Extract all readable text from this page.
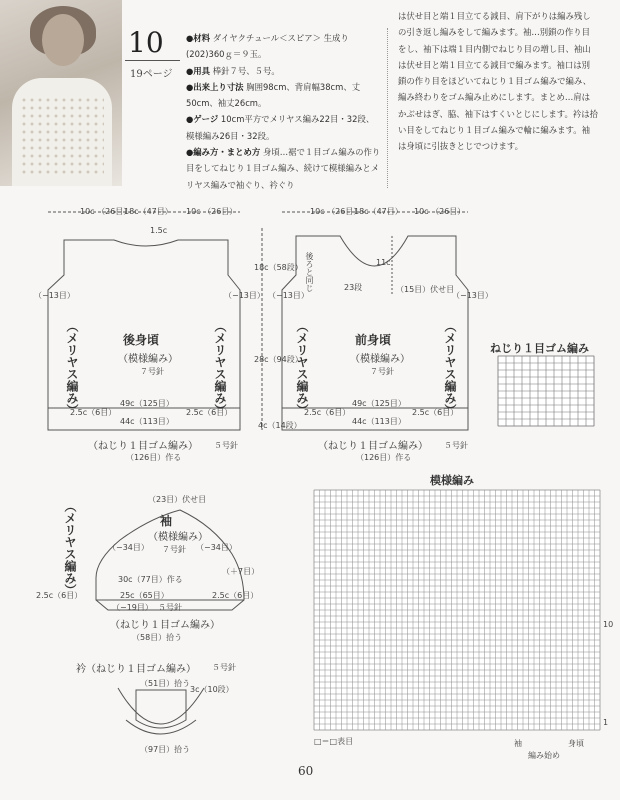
10
19ページ

●材料 ダイヤクチュール＜スピア＞ 生成り(202)360ｇ＝９玉。

●用具 棒針７号、５号。

●出来上り寸法 胸囲98cm、背肩幅38cm、丈50cm、袖丈26cm。

●ゲージ 10cm平方でメリヤス編み22目・32段、模様編み26目・32段。

●編み方・まとめ方 身頃…裾で１目ゴム編みの作り目をしてねじり１目ゴム編み、続けて模様編みとメリヤス編みで袖ぐり、衿ぐり

は伏せ目と端１目立てる減目、肩下がりは編み残しの引き返し編みをして編みます。袖…別鎖の作り目をし、袖下は端１目内側でねじり目の増し目、袖山は伏せ目と端１目立てる減目で編みます。袖口は別鎖の作り目をほどいてねじり１目ゴム編みで編み、編み終わりをゴム編み止めにします。まとめ…肩はかぶせはぎ、脇、袖下はすくいとじにします。衿は拾い目をしてねじり１目ゴム編みで輪に編みます。袖は身頃に引抜きとじでつけます。

後身頃
（模様編み）
７号針
（メリヤス編み）	（メリヤス編み）
（ねじり１目ゴム編み） ５号針
（126目）作る
18c（47目）
10c （26目）	10c （26目）
1.5c
49c（125目）
44c（113目）
（−13目）	（−13目）
2.5c（6目）	2.5c（6目）
18c（58段）
28c（94段）
4c（14段）
前身頃
（模様編み）
７号針
（メリヤス編み）	（メリヤス編み）
（ねじり１目ゴム編み） ５号針
（126目）作る
18c（47目）
10c （26目）	10c （26目）
49c（125目）
44c（113目）
（−13目）	（−13目）
2.5c（6目）	2.5c（6目）
後ろと同じ	11c
（15目）伏せ目
23段
袖
（模様編み）
７号針
（メリヤス編み）
（23目）伏せ目
（−34目）	（−34目）
30c（77目）作る
25c（65目）
（−19目） ５号針
（ねじり１目ゴム編み）
（58目）拾う
2.5c（6目）	2.5c（6目）
（＋7目）
衿（ねじり１目ゴム編み） ５号針
（51目）拾う
（97目）拾う
3c（10段）
ねじり１目ゴム編み
模様編み
□＝□表目	袖	身頃
編み始め
10
1
60
